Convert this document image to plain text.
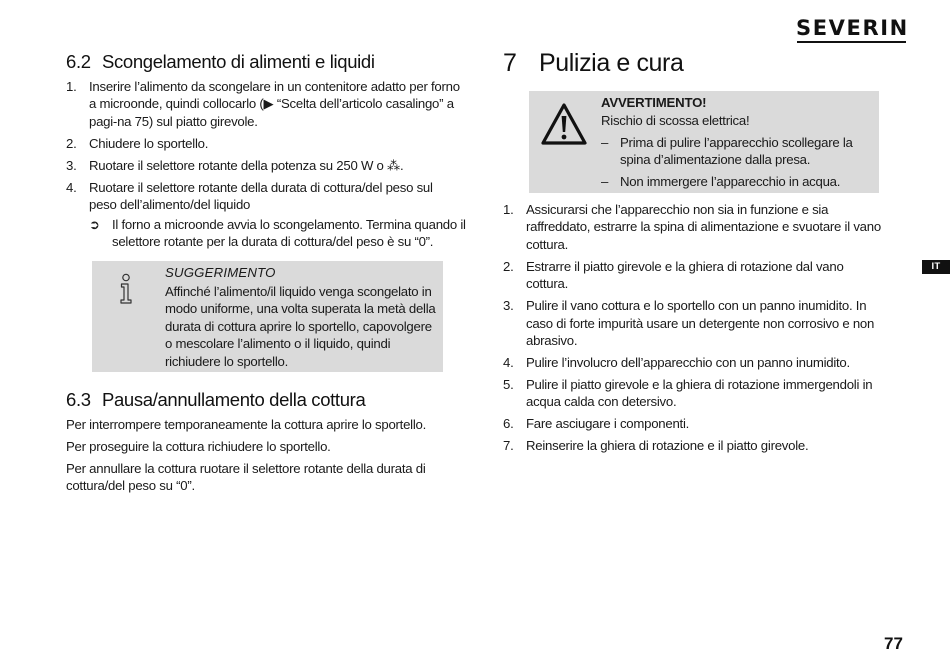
SEVERIN
6.2 Scongelamento di alimenti e liquidi
1. Inserire l’alimento da scongelare in un contenitore adatto per forno a microonde, quindi collocarlo (▶ “Scelta dell’articolo casalingo” a pagi-na 75) sul piatto girevole.
2. Chiudere lo sportello.
3. Ruotare il selettore rotante della potenza su 250 W o ⁂.
4. Ruotare il selettore rotante della durata di cottura/del peso sul peso dell’alimento/del liquido
➲ Il forno a microonde avvia lo scongelamento. Termina quando il selettore rotante per la durata di cottura/del peso è su “0”.
SUGGERIMENTO
Affinché l’alimento/il liquido venga scongelato in modo uniforme, una volta superata la metà della durata di cottura aprire lo sportello, capovolgere o mescolare l’alimento o il liquido, quindi richiudere lo sportello.
6.3 Pausa/annullamento della cottura
Per interrompere temporaneamente la cottura aprire lo sportello.
Per proseguire la cottura richiudere lo sportello.
Per annullare la cottura ruotare il selettore rotante della durata di cottura/del peso su “0”.
7 Pulizia e cura
AVVERTIMENTO!
Rischio di scossa elettrica!
– Prima di pulire l’apparecchio scollegare la spina d’alimentazione dalla presa.
– Non immergere l’apparecchio in acqua.
1. Assicurarsi che l’apparecchio non sia in funzione e sia raffreddato, estrarre la spina di alimentazione e svuotare il vano cottura.
2. Estrarre il piatto girevole e la ghiera di rotazione dal vano cottura.
3. Pulire il vano cottura e lo sportello con un panno inumidito. In caso di forte impurità usare un detergente non corrosivo e non abrasivo.
4. Pulire l’involucro dell’apparecchio con un panno inumidito.
5. Pulire il piatto girevole e la ghiera di rotazione immergendoli in acqua calda con detersivo.
6. Fare asciugare i componenti.
7. Reinserire la ghiera di rotazione e il piatto girevole.
IT
77
